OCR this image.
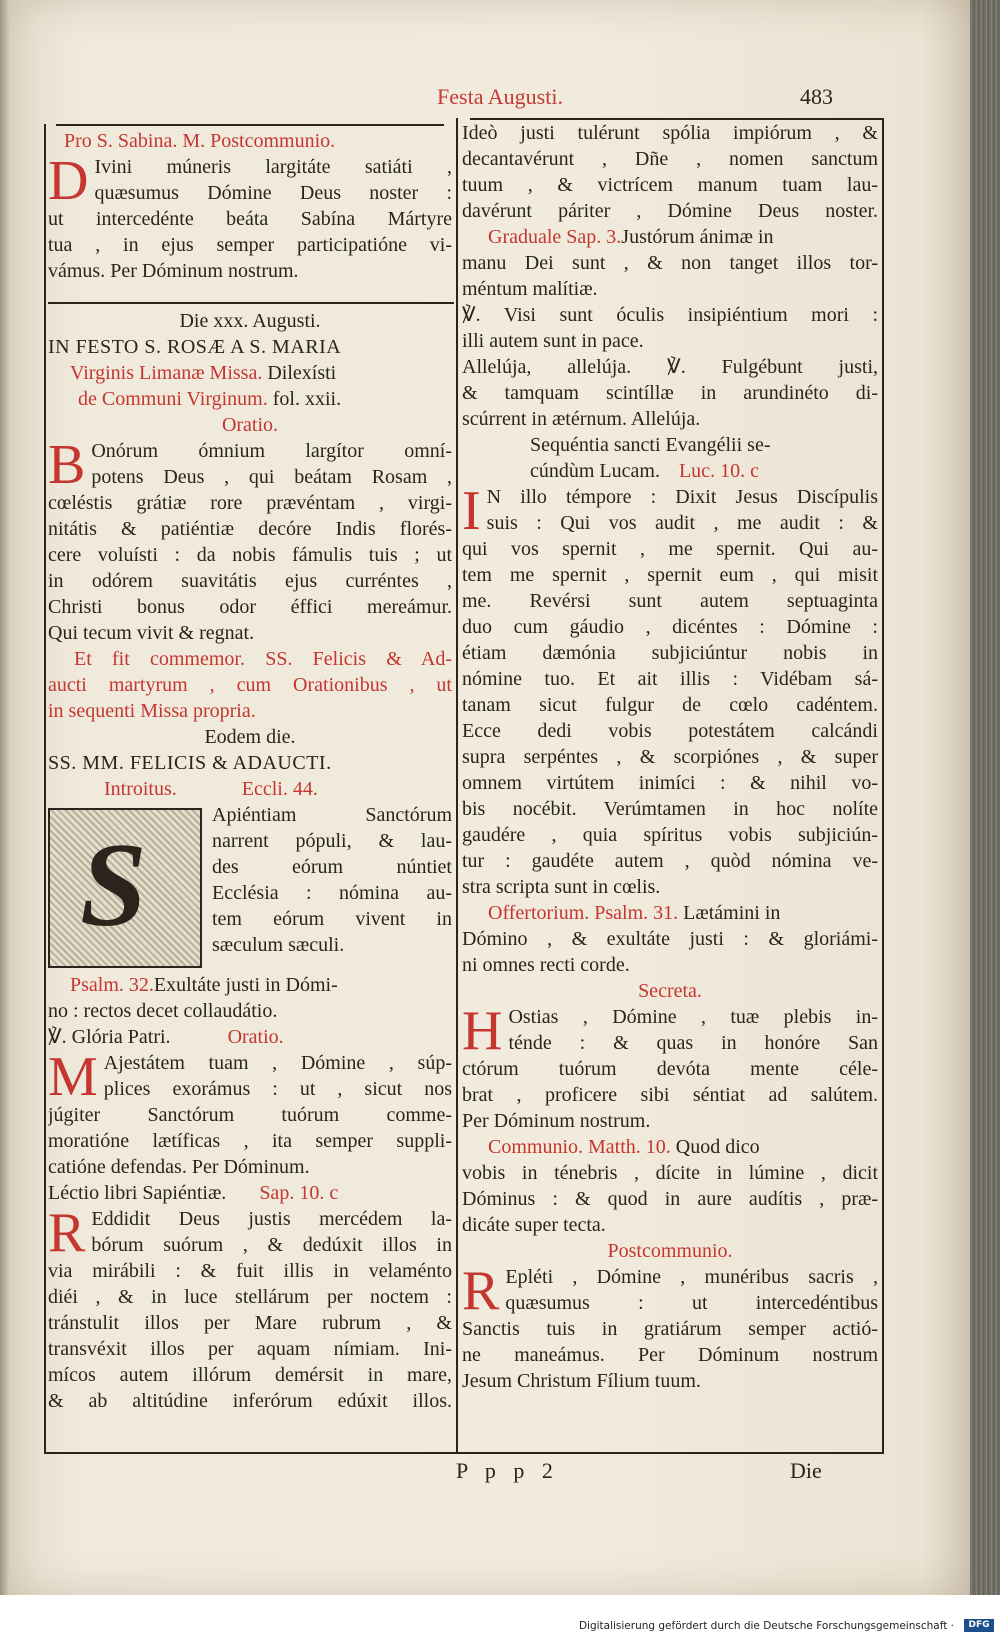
Festa Augusti.	483
Pro S. Sabina. M. Postcommunio.
D Ivini múneris largitáte satiáti ,
quæsumus Dómine Deus noster :
ut intercedénte beáta Sabína Mártyre
tua , in ejus semper participatióne vi-
vámus. Per Dóminum nostrum.
Die xxx. Augusti.
IN FESTO S. ROSÆ A S. MARIA
Virginis Limanæ Missa. Dilexísti
de Communi Virginum. fol. xxii.
Oratio.
B Onórum ómnium largítor omní-
potens Deus , qui beátam Rosam ,
cœléstis grátiæ rore prævéntam , virgi-
nitátis & patiéntiæ decóre Indis florés-
cere voluísti : da nobis fámulis tuis ; ut
in odórem suavitátis ejus curréntes ,
Christi bonus odor éffici mereámur.
Qui tecum vivit & regnat.
Et fit commemor. SS. Felicis & Ad-
aucti martyrum , cum Orationibus , ut
in sequenti Missa propria.
Eodem die.
SS. MM. FELICIS & ADAUCTI.
Introitus.	Eccli. 44.
S
Apiéntiam Sanctórum
narrent pópuli, & lau-
des eórum núntiet
Ecclésia : nómina au-
tem eórum vivent in
sæculum sæculi.
Psalm. 32.Exultáte justi in Dómi-
no : rectos decet collaudátio.
℣. Glória Patri.	Oratio.
M Ajestátem tuam , Dómine , súp-
plices exorámus : ut , sicut nos
júgiter Sanctórum tuórum comme-
moratióne lætíficas , ita semper suppli-
catióne defendas. Per Dóminum.
Léctio libri Sapiéntiæ. Sap. 10. c
R Eddidit Deus justis mercédem la-
bórum suórum , & dedúxit illos in
via mirábili : & fuit illis in velaménto
diéi , & in luce stellárum per noctem :
tránstulit illos per Mare rubrum , &
transvéxit illos per aquam nímiam. Ini-
mícos autem illórum demérsit in mare,
& ab altitúdine inferórum edúxit illos.
Ideò justi tulérunt spólia impiórum , &
decantavérunt , Dñe , nomen sanctum
tuum , & victrícem manum tuam lau-
davérunt páriter , Dómine Deus noster.
Graduale Sap. 3.Justórum ánimæ in
manu Dei sunt , & non tanget illos tor-
méntum malítiæ.
℣. Visi sunt óculis insipiéntium mori :
illi autem sunt in pace.
Allelúja, allelúja. ℣. Fulgébunt justi,
& tamquam scintíllæ in arundinéto di-
scúrrent in ætérnum. Allelúja.
Sequéntia sancti Evangélii se-
cúndùm Lucam. Luc. 10. c
I N illo témpore : Dixit Jesus Discípulis
suis : Qui vos audit , me audit : &
qui vos spernit , me spernit. Qui au-
tem me spernit , spernit eum , qui misit
me. Revérsi sunt autem septuaginta
duo cum gáudio , dicéntes : Dómine :
étiam dæmónia subjiciúntur nobis in
nómine tuo. Et ait illis : Vidébam sá-
tanam sicut fulgur de cœlo cadéntem.
Ecce dedi vobis potestátem calcándi
supra serpéntes , & scorpiónes , & super
omnem virtútem inimíci : & nihil vo-
bis nocébit. Verúmtamen in hoc nolíte
gaudére , quia spíritus vobis subjiciún-
tur : gaudéte autem , quòd nómina ve-
stra scripta sunt in cœlis.
Offertorium. Psalm. 31. Lætámini in
Dómino , & exultáte justi : & gloriámi-
ni omnes recti corde.
Secreta.
H Ostias , Dómine , tuæ plebis in-
ténde : & quas in honóre San
ctórum tuórum devóta mente céle-
brat , proficere sibi séntiat ad salútem.
Per Dóminum nostrum.
Communio. Matth. 10. Quod dico
vobis in ténebris , dícite in lúmine , dicit
Dóminus : & quod in aure audítis , præ-
dicáte super tecta.
Postcommunio.
R Epléti , Dómine , munéribus sacris ,
quæsumus : ut intercedéntibus
Sanctis tuis in gratiárum semper actió-
ne maneámus. Per Dóminum nostrum
Jesum Christum Fílium tuum.
P p p 2	Die
Digitalisierung gefördert durch die Deutsche Forschungsgemeinschaft ·	DFG
